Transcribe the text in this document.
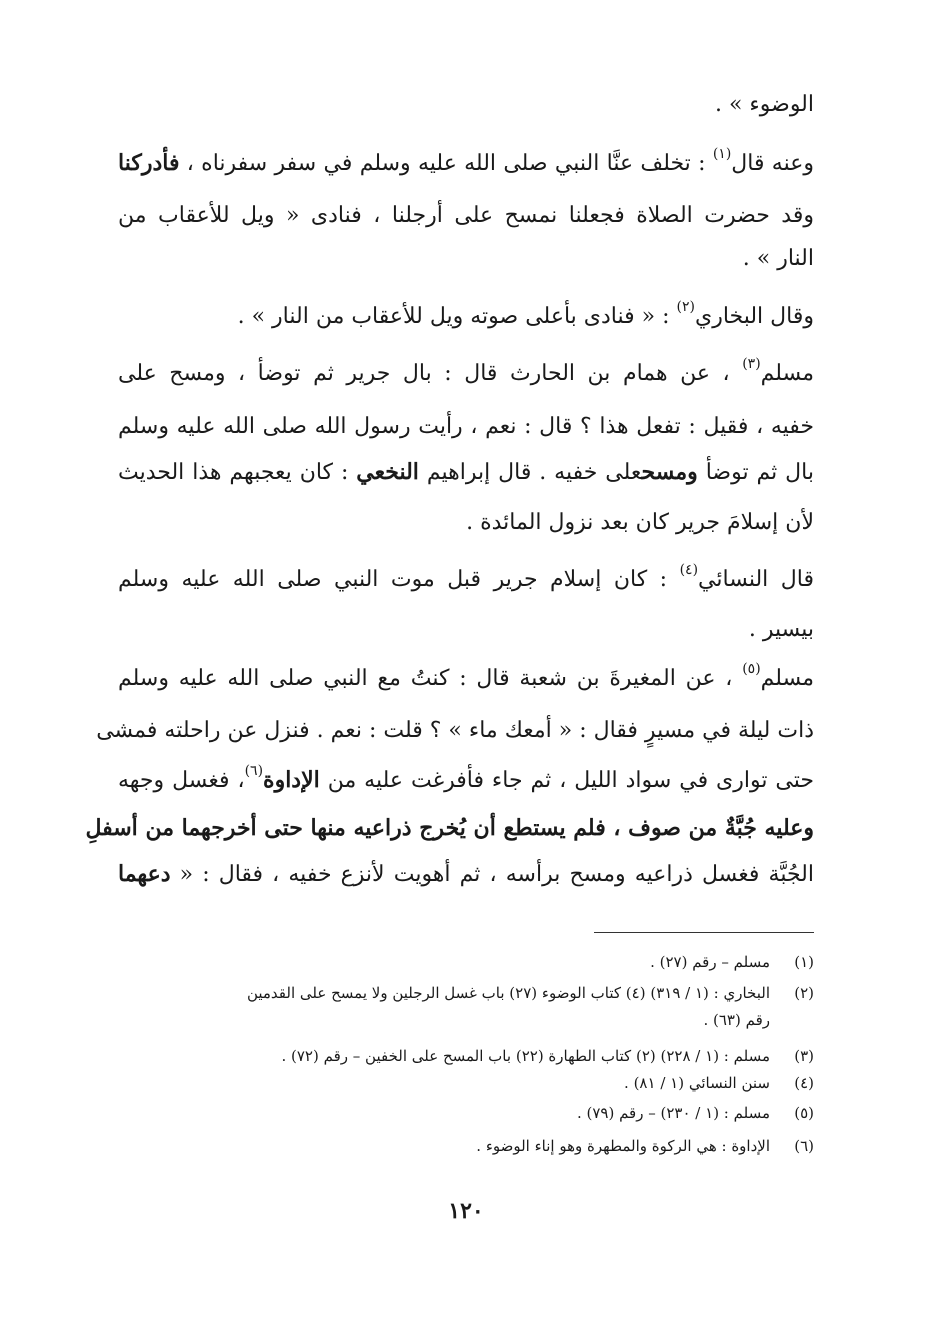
الوضوء » .
وعنه قال$^{(١)}$ : تخلف عنَّا النبي صلى الله عليه وسلم في سفر سفرناه ، فأدركنا
وقد حضرت الصلاة فجعلنا نمسح على أرجلنا ، فنادى « ويل للأعقاب من
النار » .
وقال البخاري$^{(٢)}$ : « فنادى بأعلى صوته ويل للأعقاب من النار » .
مسلم$^{(٣)}$ ، عن همام بن الحارث قال : بال جرير ثم توضأ ، ومسح على
خفيه ، فقيل : تفعل هذا ؟ قال : نعم ، رأيت رسول الله صلى الله عليه وسلم
بال ثم توضأ ومسحعلى خفيه . قال إبراهيم النخعي : كان يعجبهم هذا الحديث
لأن إسلامَ جرير كان بعد نزول المائدة .
قال النسائي$^{(٤)}$ : كان إسلام جرير قبل موت النبي صلى الله عليه وسلم
بيسير .
مسلم$^{(٥)}$ ، عن المغيرةَ بن شعبة قال : كنتُ مع النبي صلى الله عليه وسلم
ذات ليلة في مسيرٍ فقال : « أمعك ماء » ؟ قلت : نعم . فنزل عن راحلته فمشى
حتى توارى في سواد الليل ، ثم جاء فأفرغت عليه من الإداوة$^{(٦)}$، فغسل وجهه
وعليه جُبَّةٌ من صوف ، فلم يستطع أن يُخرج ذراعيه منها حتى أخرجهما من أسفلِ
الجُبَّة فغسل ذراعيه ومسح برأسه ، ثم أهويت لأنزع خفيه ، فقال : « دعهما
(١)مسلم – رقم (٢٧) .
(٢)البخاري : (١ / ٣١٩) (٤) كتاب الوضوء (٢٧) باب غسل الرجلين ولا يمسح على القدمين
رقم (٦٣) .
(٣)مسلم : (١ / ٢٢٨) (٢) كتاب الطهارة (٢٢) باب المسح على الخفين – رقم (٧٢) .
(٤)سنن النسائي (١ / ٨١) .
(٥)مسلم : (١ / ٢٣٠) – رقم (٧٩) .
(٦)الإداوة : هي الركوة والمطهرة وهو إناء الوضوء .
١٢٠
